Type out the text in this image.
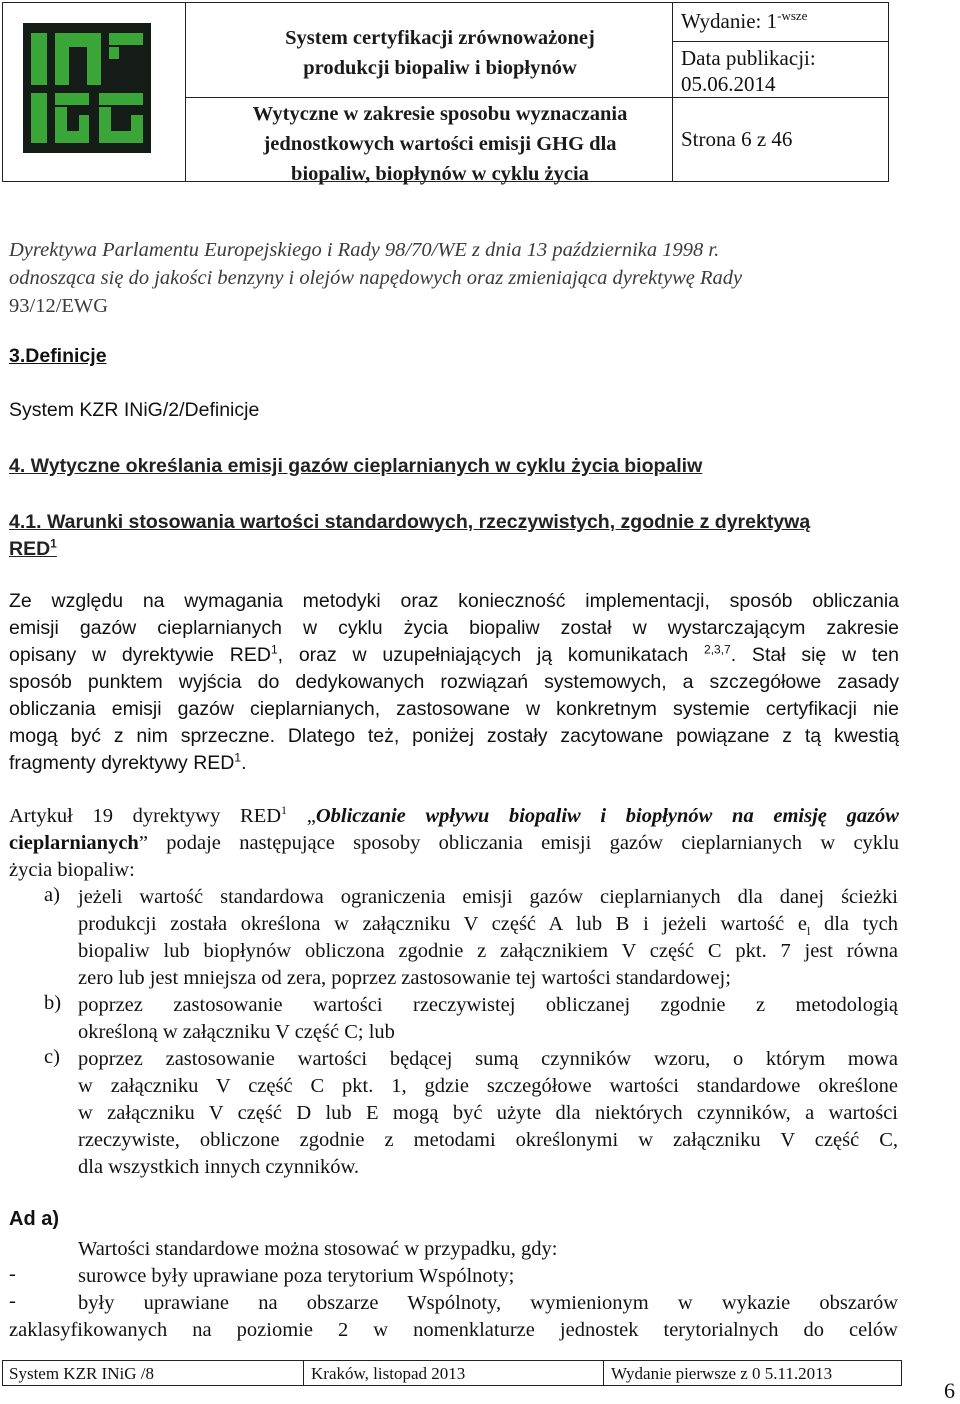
System certyfikacji zrównoważonej
produkcji biopaliw i biopłynów
Wytyczne w zakresie sposobu wyznaczania
jednostkowych wartości emisji GHG dla
biopaliw, biopłynów w cyklu życia
Wydanie: $1^{-wsze}$
Data publikacji:
05.06.2014
Strona 6 z 46
Dyrektywa Parlamentu Europejskiego i Rady 98/70/WE z dnia 13 października 1998 r.
odnosząca się do jakości benzyny i olejów napędowych oraz zmieniająca dyrektywę Rady
93/12/EWG
3.Definicje
System KZR INiG/2/Definicje
4. Wytyczne określania emisji gazów cieplarnianych w cyklu życia biopaliw
4.1. Warunki stosowania wartości standardowych, rzeczywistych, zgodnie z dyrektywą
RED$^1$
Ze względu na wymagania metodyki oraz konieczność implementacji, sposób obliczania
emisji gazów cieplarnianych w cyklu życia biopaliw został w wystarczającym zakresie
opisany w dyrektywie RED$^1$, oraz w uzupełniających ją komunikatach $^{2,3,7}$. Stał się w ten
sposób punktem wyjścia do dedykowanych rozwiązań systemowych, a szczegółowe zasady
obliczania emisji gazów cieplarnianych, zastosowane w konkretnym systemie certyfikacji nie
mogą być z nim sprzeczne. Dlatego też, poniżej zostały zacytowane powiązane z tą kwestią
fragmenty dyrektywy RED$^1$.
Artykuł 19 dyrektywy RED$^1$ „Obliczanie wpływu biopaliw i biopłynów na emisję gazów
cieplarnianych” podaje następujące sposoby obliczania emisji gazów cieplarnianych w cyklu
życia biopaliw:
a) jeżeli wartość standardowa ograniczenia emisji gazów cieplarnianych dla danej ścieżki
produkcji została określona w załączniku V część A lub B i jeżeli wartość $e_l$ dla tych
biopaliw lub biopłynów obliczona zgodnie z załącznikiem V część C pkt. 7 jest równa
zero lub jest mniejsza od zera, poprzez zastosowanie tej wartości standardowej;
b) poprzez zastosowanie wartości rzeczywistej obliczanej zgodnie z metodologią
określoną w załączniku V część C; lub
c) poprzez zastosowanie wartości będącej sumą czynników wzoru, o którym mowa
w załączniku V część C pkt. 1, gdzie szczegółowe wartości standardowe określone
w załączniku V część D lub E mogą być użyte dla niektórych czynników, a wartości
rzeczywiste, obliczone zgodnie z metodami określonymi w załączniku V część C,
dla wszystkich innych czynników.
Ad a)
Wartości standardowe można stosować w przypadku, gdy:
-	surowce były uprawiane poza terytorium Wspólnoty;
-	były uprawiane na obszarze Wspólnoty, wymienionym w wykazie obszarów
zaklasyfikowanych na poziomie 2 w nomenklaturze jednostek terytorialnych do celów
System KZR INiG /8	Kraków, listopad 2013	Wydanie pierwsze z 0 5.11.2013
6
